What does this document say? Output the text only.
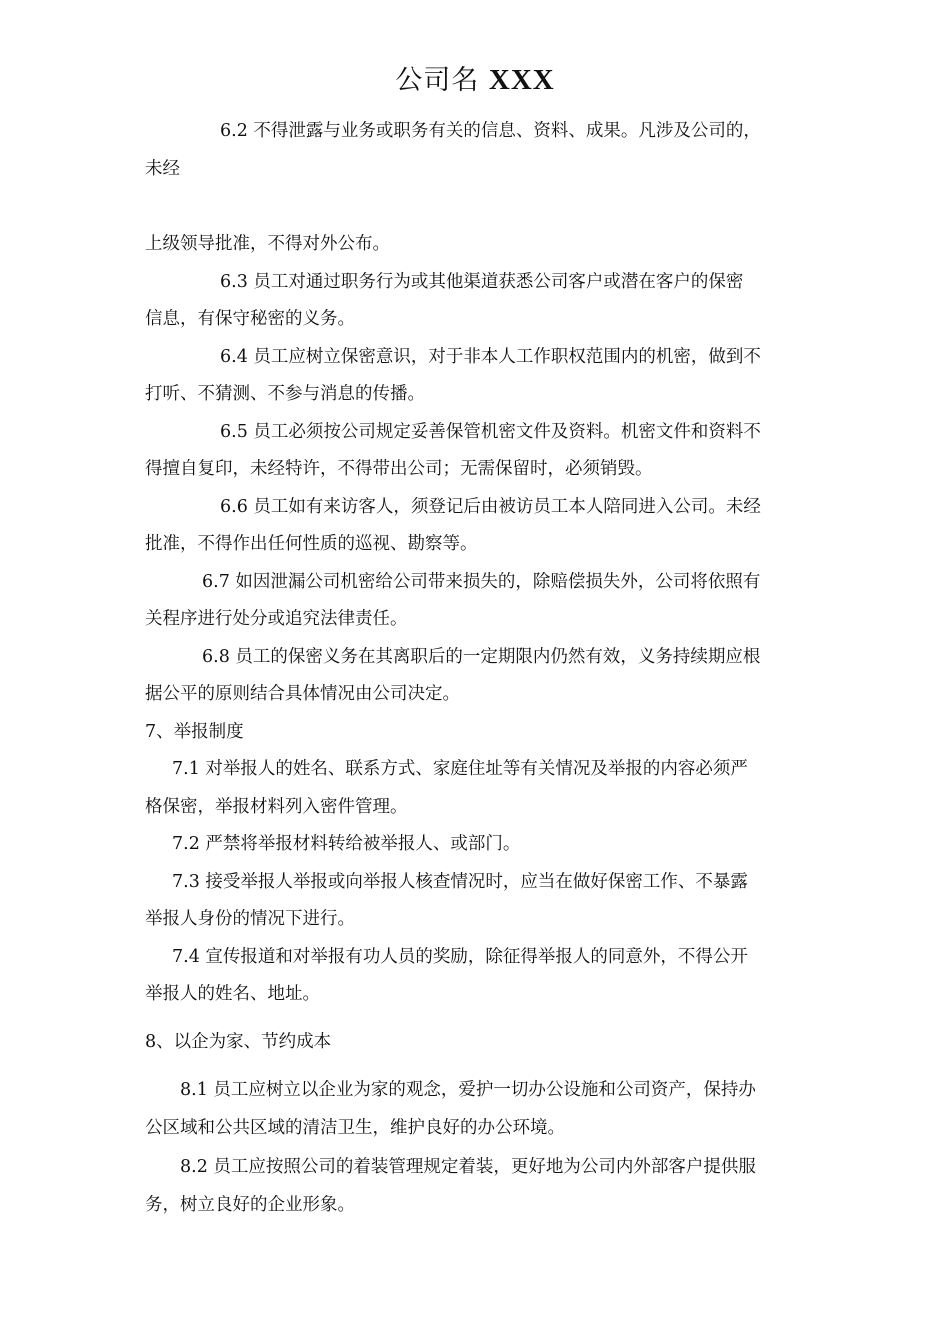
公司名 XXX
6.2 不得泄露与业务或职务有关的信息、资料、成果。凡涉及公司的，
未经
上级领导批准，不得对外公布。
6.3 员工对通过职务行为或其他渠道获悉公司客户或潜在客户的保密
信息，有保守秘密的义务。
6.4 员工应树立保密意识，对于非本人工作职权范围内的机密，做到不
打听、不猜测、不参与消息的传播。
6.5 员工必须按公司规定妥善保管机密文件及资料。机密文件和资料不
得擅自复印，未经特许，不得带出公司；无需保留时，必须销毁。
6.6 员工如有来访客人，须登记后由被访员工本人陪同进入公司。未经
批准，不得作出任何性质的巡视、勘察等。
6.7 如因泄漏公司机密给公司带来损失的，除赔偿损失外，公司将依照有
关程序进行处分或追究法律责任。
6.8 员工的保密义务在其离职后的一定期限内仍然有效，义务持续期应根
据公平的原则结合具体情况由公司决定。
7、举报制度
7.1 对举报人的姓名、联系方式、家庭住址等有关情况及举报的内容必须严
格保密，举报材料列入密件管理。
7.2 严禁将举报材料转给被举报人、或部门。
7.3 接受举报人举报或向举报人核查情况时，应当在做好保密工作、不暴露
举报人身份的情况下进行。
7.4 宣传报道和对举报有功人员的奖励，除征得举报人的同意外，不得公开
举报人的姓名、地址。
8、以企为家、节约成本
8.1 员工应树立以企业为家的观念，爱护一切办公设施和公司资产，保持办
公区域和公共区域的清洁卫生，维护良好的办公环境。
8.2 员工应按照公司的着装管理规定着装，更好地为公司内外部客户提供服
务，树立良好的企业形象。
